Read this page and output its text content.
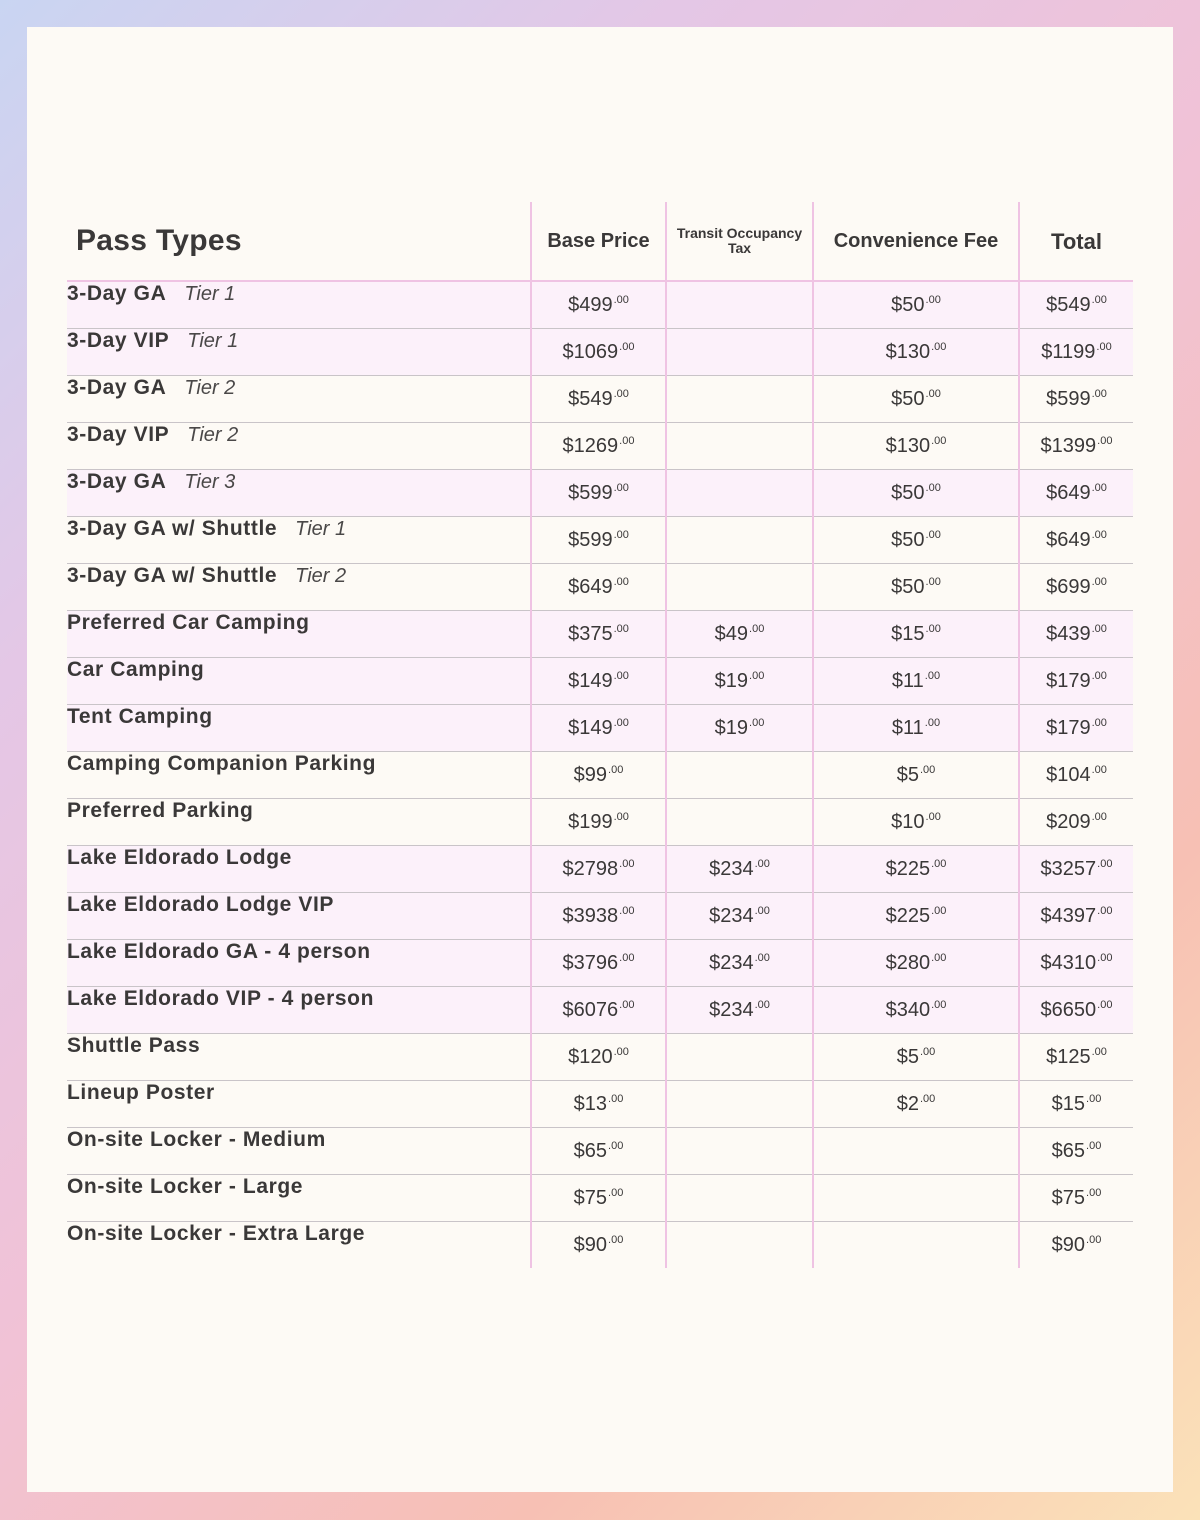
Pass Types	Base Price	Transit Occupancy Tax	Convenience Fee	Total
3-Day GA Tier 1	$\$499^{.00}$		$\$50^{.00}$	$\$549^{.00}$
3-Day VIP Tier 1	$\$1069^{.00}$		$\$130^{.00}$	$\$1199^{.00}$
3-Day GA Tier 2	$\$549^{.00}$		$\$50^{.00}$	$\$599^{.00}$
3-Day VIP Tier 2	$\$1269^{.00}$		$\$130^{.00}$	$\$1399^{.00}$
3-Day GA Tier 3	$\$599^{.00}$		$\$50^{.00}$	$\$649^{.00}$
3-Day GA w/ Shuttle Tier 1	$\$599^{.00}$		$\$50^{.00}$	$\$649^{.00}$
3-Day GA w/ Shuttle Tier 2	$\$649^{.00}$		$\$50^{.00}$	$\$699^{.00}$
Preferred Car Camping	$\$375^{.00}$	$\$49^{.00}$	$\$15^{.00}$	$\$439^{.00}$
Car Camping	$\$149^{.00}$	$\$19^{.00}$	$\$11^{.00}$	$\$179^{.00}$
Tent Camping	$\$149^{.00}$	$\$19^{.00}$	$\$11^{.00}$	$\$179^{.00}$
Camping Companion Parking	$\$99^{.00}$		$\$5^{.00}$	$\$104^{.00}$
Preferred Parking	$\$199^{.00}$		$\$10^{.00}$	$\$209^{.00}$
Lake Eldorado Lodge	$\$2798^{.00}$	$\$234^{.00}$	$\$225^{.00}$	$\$3257^{.00}$
Lake Eldorado Lodge VIP	$\$3938^{.00}$	$\$234^{.00}$	$\$225^{.00}$	$\$4397^{.00}$
Lake Eldorado GA - 4 person	$\$3796^{.00}$	$\$234^{.00}$	$\$280^{.00}$	$\$4310^{.00}$
Lake Eldorado VIP - 4 person	$\$6076^{.00}$	$\$234^{.00}$	$\$340^{.00}$	$\$6650^{.00}$
Shuttle Pass	$\$120^{.00}$		$\$5^{.00}$	$\$125^{.00}$
Lineup Poster	$\$13^{.00}$		$\$2^{.00}$	$\$15^{.00}$
On-site Locker - Medium	$\$65^{.00}$			$\$65^{.00}$
On-site Locker - Large	$\$75^{.00}$			$\$75^{.00}$
On-site Locker - Extra Large	$\$90^{.00}$			$\$90^{.00}$
